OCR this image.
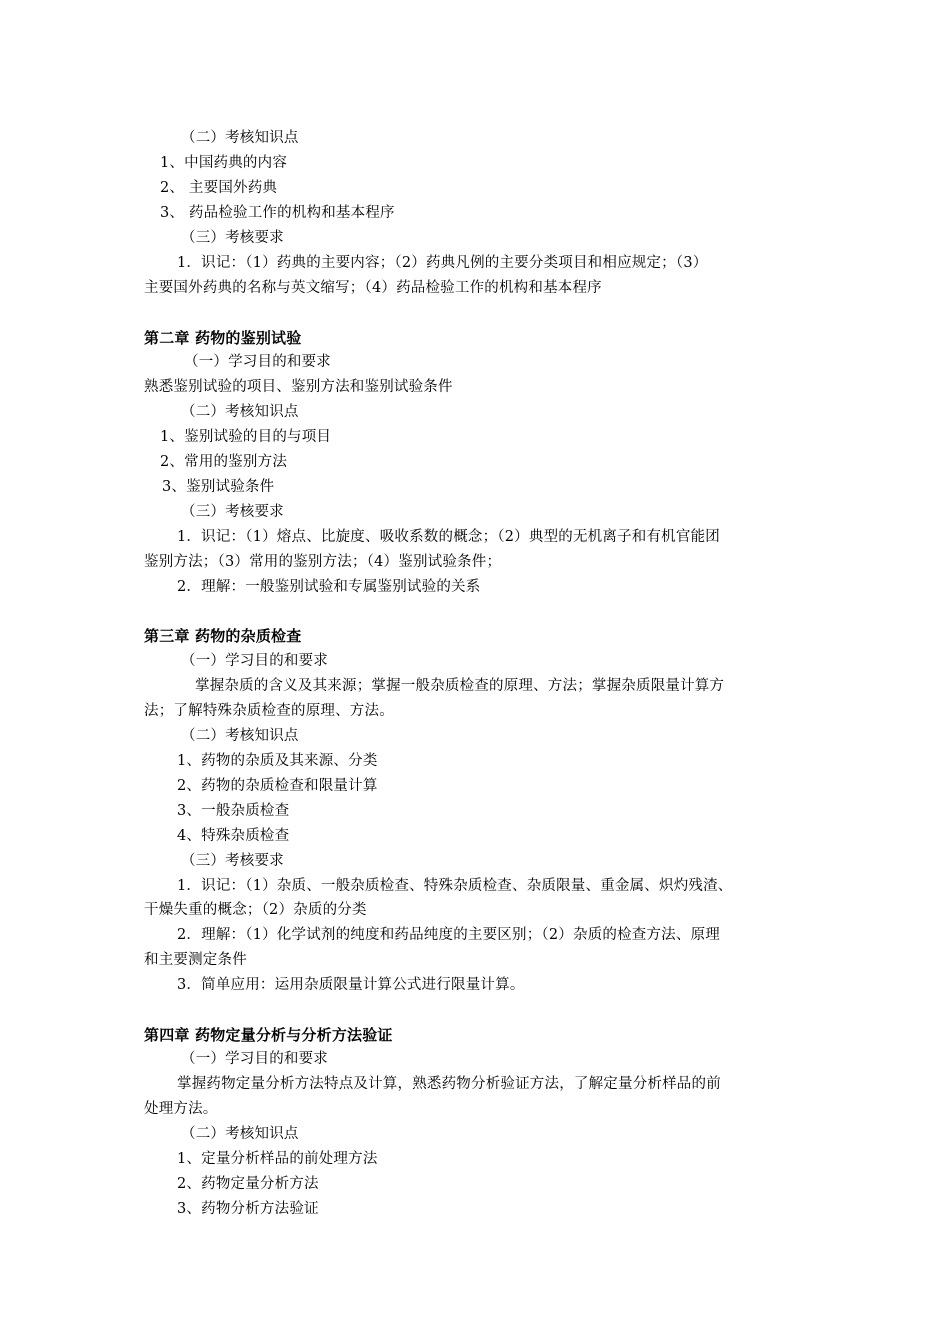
（二）考核知识点
1、中国药典的内容
2、 主要国外药典
3、 药品检验工作的机构和基本程序
（三）考核要求
1．识记：（1）药典的主要内容；（2）药典凡例的主要分类项目和相应规定；（3）
主要国外药典的名称与英文缩写；（4）药品检验工作的机构和基本程序
第二章 药物的鉴别试验
（一）学习目的和要求
熟悉鉴别试验的项目、鉴别方法和鉴别试验条件
（二）考核知识点
1、鉴别试验的目的与项目
2、常用的鉴别方法
3、鉴别试验条件
（三）考核要求
1．识记：（1）熔点、比旋度、吸收系数的概念；（2）典型的无机离子和有机官能团
鉴别方法；（3）常用的鉴别方法；（4）鉴别试验条件；
2．理解：一般鉴别试验和专属鉴别试验的关系
第三章 药物的杂质检查
（一）学习目的和要求
掌握杂质的含义及其来源；掌握一般杂质检查的原理、方法；掌握杂质限量计算方
法；了解特殊杂质检查的原理、方法。
（二）考核知识点
1、药物的杂质及其来源、分类
2、药物的杂质检查和限量计算
3、一般杂质检查
4、特殊杂质检查
（三）考核要求
1．识记：（1）杂质、一般杂质检查、特殊杂质检查、杂质限量、重金属、炽灼残渣、
干燥失重的概念；（2）杂质的分类
2．理解：（1）化学试剂的纯度和药品纯度的主要区别；（2）杂质的检查方法、原理
和主要测定条件
3．简单应用：运用杂质限量计算公式进行限量计算。
第四章 药物定量分析与分析方法验证
（一）学习目的和要求
掌握药物定量分析方法特点及计算，熟悉药物分析验证方法，了解定量分析样品的前
处理方法。
（二）考核知识点
1、定量分析样品的前处理方法
2、药物定量分析方法
3、药物分析方法验证
